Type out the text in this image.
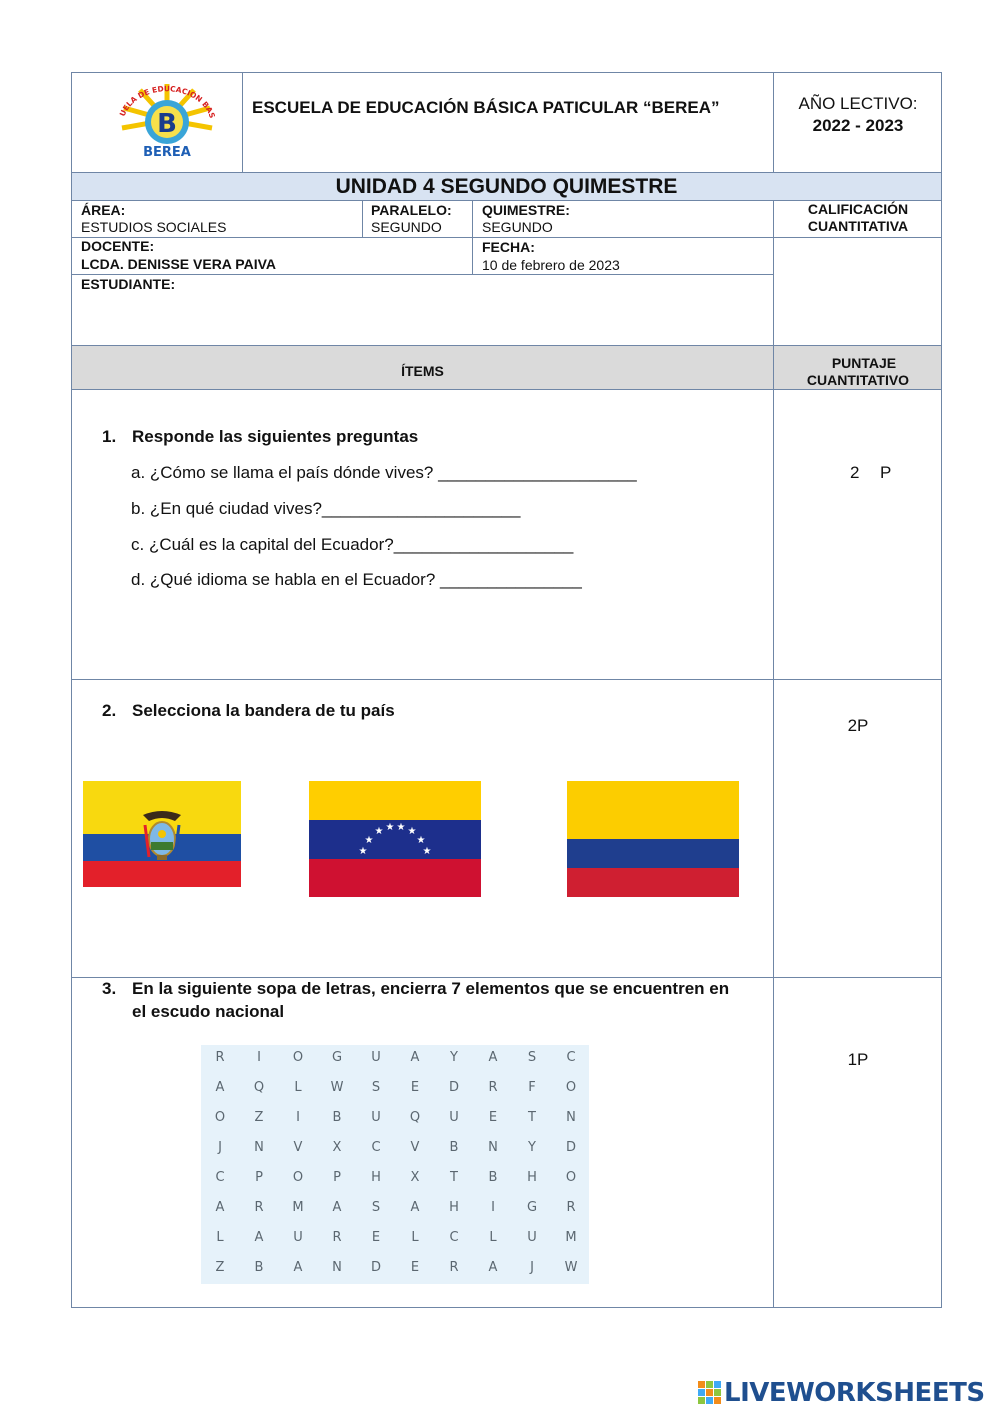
B
BEREA
UELA DE EDUCACION BAS ESCUELA DE EDUCACIÓN BÁSICA PATICULAR “BEREA”	AÑO LECTIVO:
2022 - 2023
UNIDAD 4 SEGUNDO QUIMESTRE
ÁREA:
ESTUDIOS SOCIALES
PARALELO:
SEGUNDO
QUIMESTRE:
SEGUNDO
CALIFICACIÓN
CUANTITATIVA
DOCENTE:
LCDA. DENISSE VERA PAIVA
FECHA:
10 de febrero de 2023
ESTUDIANTE:
ÍTEMS	PUNTAJE
CUANTITATIVO
1. Responde las siguientes preguntas
a. ¿Cómo se llama el país dónde vives? _____________________
b. ¿En qué ciudad vives?_____________________
c. ¿Cuál es la capital del Ecuador?___________________
d. ¿Qué idioma se habla en el Ecuador? _______________
2 P
2. Selecciona la bandera de tu país
2P
★
★
★ ★ ★ ★
★
★
3. En la siguiente sopa de letras, encierra 7 elementos que se encuentren en
el escudo nacional
1P
R	I	O	G	U	A	Y	A	S	C
A	Q	L	W	S	E	D	R	F	O
O	Z	I	B	U	Q	U	E	T	N
J	N	V	X	C	V	B	N	Y	D
C	P	O	P	H	X	T	B	H	O
A	R	M	A	S	A	H	I	G	R
L	A	U	R	E	L	C	L	U	M
Z	B	A	N	D	E	R	A	J	W
LIVEWORKSHEETS
